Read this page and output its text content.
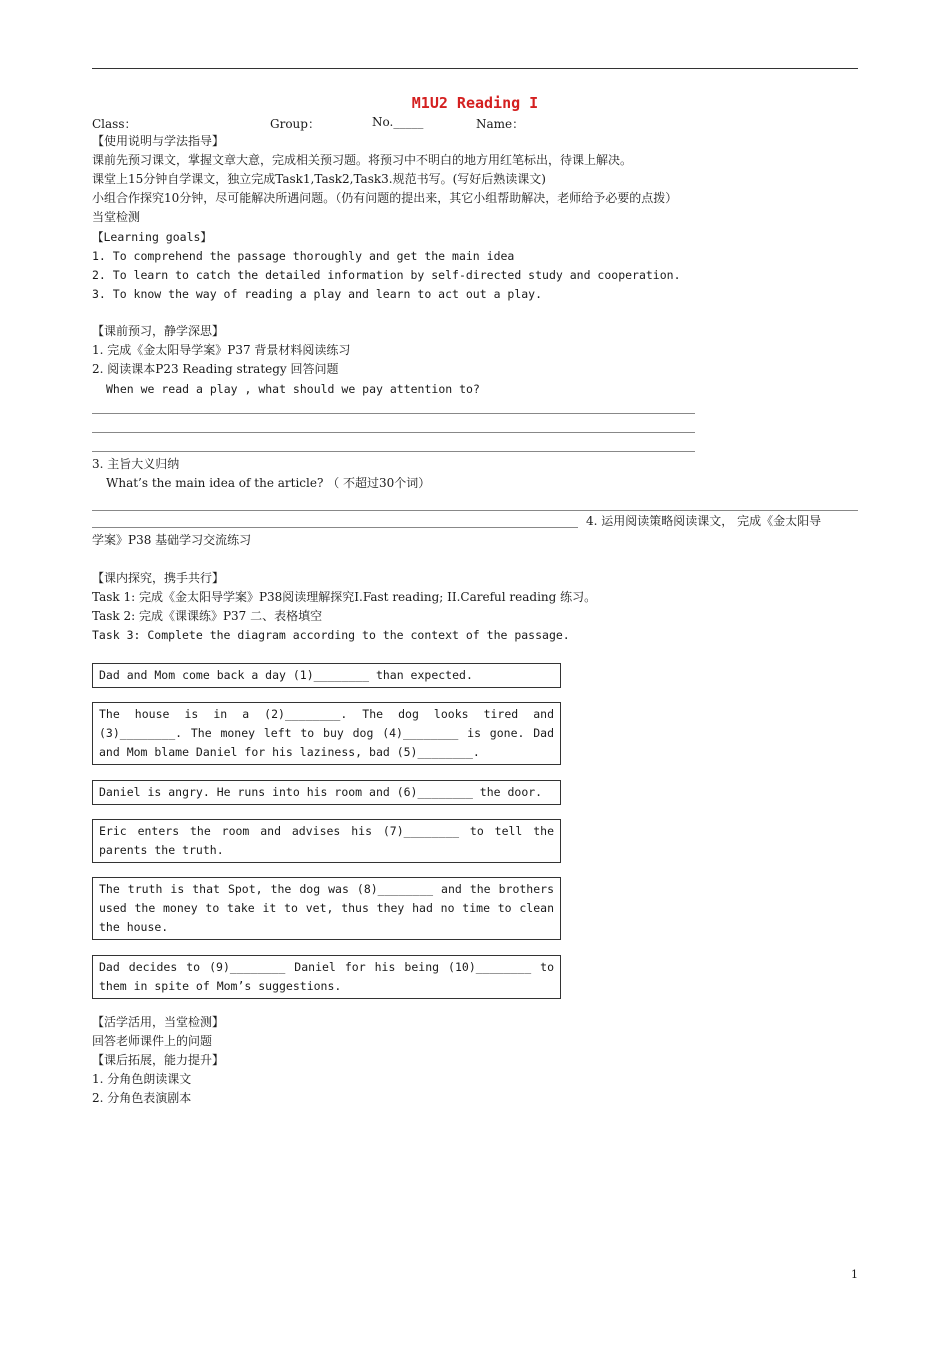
M1U2 Reading I
Class：	Group：	No._____	Name：
【使用说明与学法指导】
课前先预习课文，掌握文章大意，完成相关预习题。将预习中不明白的地方用红笔标出，待课上解决。
课堂上15分钟自学课文，独立完成Task1,Task2,Task3.规范书写。(写好后熟读课文)
小组合作探究10分钟，尽可能解决所遇问题。（仍有问题的提出来，其它小组帮助解决，老师给予必要的点拨）
当堂检测
【Learning goals】
1. To comprehend the passage thoroughly and get the main idea
2. To learn to catch the detailed information by self-directed study and cooperation.
3. To know the way of reading a play and learn to act out a play.
【课前预习，静学深思】
1. 完成《金太阳导学案》P37 背景材料阅读练习
2. 阅读课本P23 Reading strategy 回答问题
When we read a play , what should we pay attention to?
3. 主旨大义归纳
What’s the main idea of the article? （ 不超过30个词）
4. 运用阅读策略阅读课文， 完成《金太阳导
学案》P38 基础学习交流练习
【课内探究，携手共行】
Task 1: 完成《金太阳导学案》P38阅读理解探究I.Fast reading; II.Careful reading 练习。
Task 2: 完成《课课练》P37 二、表格填空
Task 3: Complete the diagram according to the context of the passage.
Dad and Mom come back a day (1)________ than expected.
The house is in a (2)________. The dog looks tired and (3)________. The money left to buy dog (4)________ is gone. Dad and Mom blame Daniel for his laziness, bad (5)________.
Daniel is angry. He runs into his room and (6)________ the door.
Eric enters the room and advises his (7)________ to tell the parents the truth.
The truth is that Spot, the dog was (8)________ and the brothers used the money to take it to vet, thus they had no time to clean the house.
Dad decides to (9)________ Daniel for his being (10)________ to them in spite of Mom’s suggestions.
【活学活用，当堂检测】
回答老师课件上的问题
【课后拓展，能力提升】
1. 分角色朗读课文
2. 分角色表演剧本
1
